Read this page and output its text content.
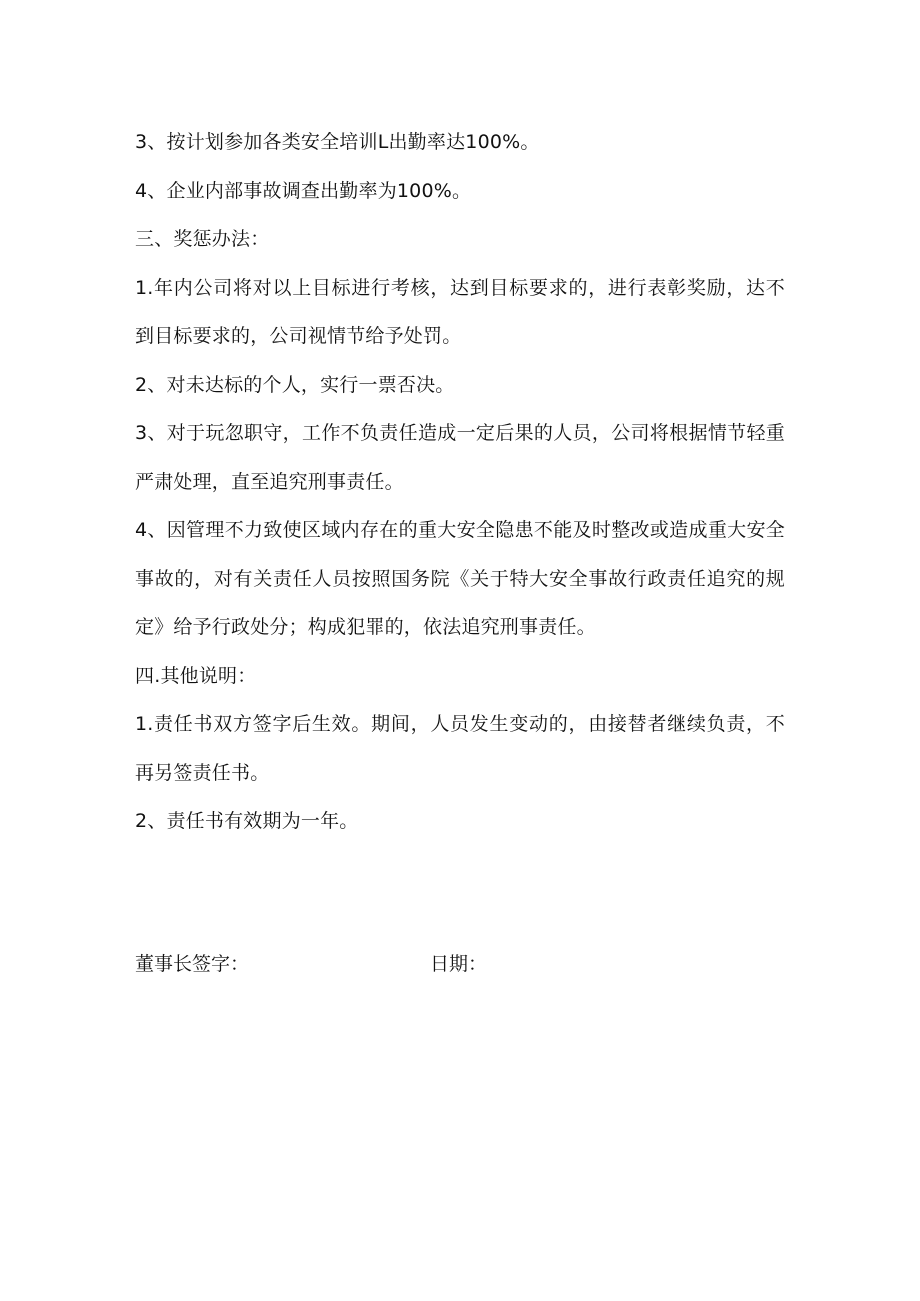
3、按计划参加各类安全培训L出勤率达100%。

4、企业内部事故调查出勤率为100%。

三、奖惩办法：

1.年内公司将对以上目标进行考核，达到目标要求的，进行表彰奖励，达不到目标要求的，公司视情节给予处罚。

2、对未达标的个人，实行一票否决。

3、对于玩忽职守，工作不负责任造成一定后果的人员，公司将根据情节轻重严肃处理，直至追究刑事责任。

4、因管理不力致使区域内存在的重大安全隐患不能及时整改或造成重大安全事故的，对有关责任人员按照国务院《关于特大安全事故行政责任追究的规定》给予行政处分；构成犯罪的，依法追究刑事责任。

四.其他说明：

1.责任书双方签字后生效。期间，人员发生变动的，由接替者继续负责，不再另签责任书。

2、责任书有效期为一年。

董事长签字：	日期：
